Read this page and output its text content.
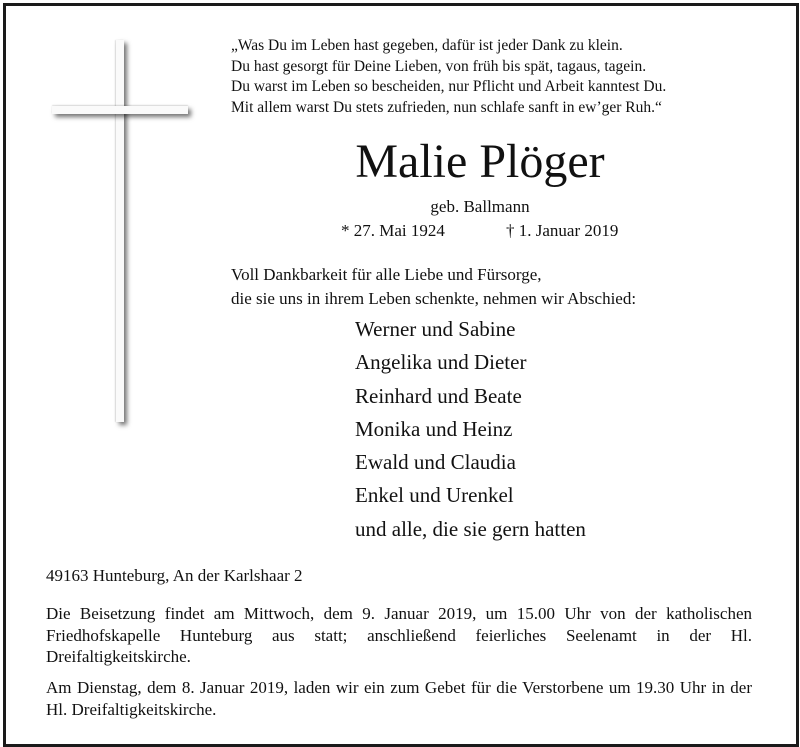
„Was Du im Leben hast gegeben, dafür ist jeder Dank zu klein.
Du hast gesorgt für Deine Lieben, von früh bis spät, tagaus, tagein.
Du warst im Leben so bescheiden, nur Pflicht und Arbeit kanntest Du.
Mit allem warst Du stets zufrieden, nun schlafe sanft in ew’ger Ruh.“
Malie Plöger
geb. Ballmann
* 27. Mai 1924	† 1. Januar 2019
Voll Dankbarkeit für alle Liebe und Fürsorge,
die sie uns in ihrem Leben schenkte, nehmen wir Abschied:
Werner und Sabine
Angelika und Dieter
Reinhard und Beate
Monika und Heinz
Ewald und Claudia
Enkel und Urenkel
und alle, die sie gern hatten
49163 Hunteburg, An der Karlshaar 2
Die Beisetzung findet am Mittwoch, dem 9. Januar 2019, um 15.00 Uhr von der katholischen Friedhofskapelle Hunteburg aus statt; anschließend feierliches Seelenamt in der Hl. Dreifaltigkeitskirche.
Am Dienstag, dem 8. Januar 2019, laden wir ein zum Gebet für die Verstorbene um 19.30 Uhr in der Hl. Dreifaltigkeitskirche.
